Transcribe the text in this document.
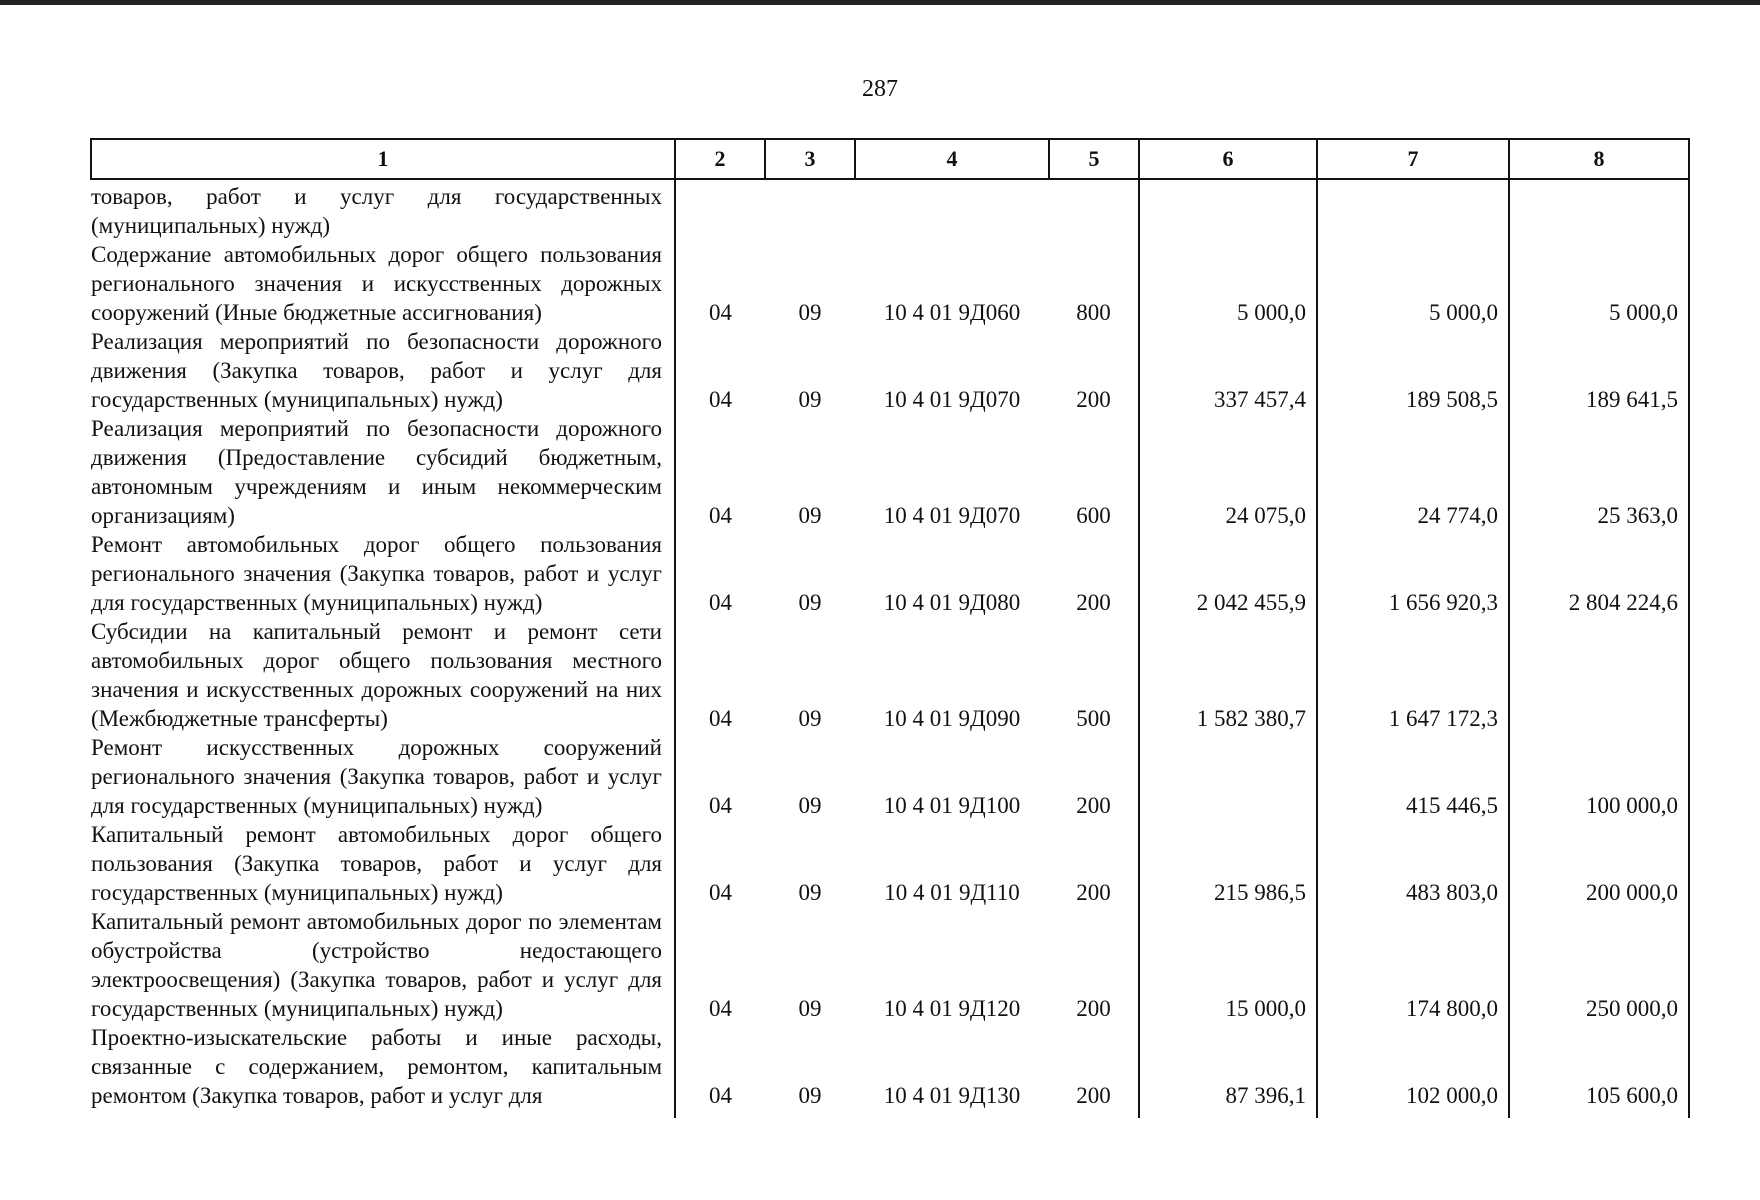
287
1	2	3	4	5	6	7	8
товаров, работ и услуг для государственных (муниципальных) нужд)							
Содержание автомобильных дорог общего пользования регионального значения и искусственных дорожных сооружений (Иные бюджетные ассигнования)	04	09	10 4 01 9Д060	800	5 000,0	5 000,0	5 000,0
Реализация мероприятий по безопасности дорожного движения (Закупка товаров, работ и услуг для государственных (муниципальных) нужд)	04	09	10 4 01 9Д070	200	337 457,4	189 508,5	189 641,5
Реализация мероприятий по безопасности дорожного движения (Предоставление субсидий бюджетным, автономным учреждениям и иным некоммерческим организациям)	04	09	10 4 01 9Д070	600	24 075,0	24 774,0	25 363,0
Ремонт автомобильных дорог общего пользования регионального значения (Закупка товаров, работ и услуг для государственных (муниципальных) нужд)	04	09	10 4 01 9Д080	200	2 042 455,9	1 656 920,3	2 804 224,6
Субсидии на капитальный ремонт и ремонт сети автомобильных дорог общего пользования местного значения и искусственных дорожных сооружений на них (Межбюджетные трансферты)	04	09	10 4 01 9Д090	500	1 582 380,7	1 647 172,3	
Ремонт искусственных дорожных сооружений регионального значения (Закупка товаров, работ и услуг для государственных (муниципальных) нужд)	04	09	10 4 01 9Д100	200		415 446,5	100 000,0
Капитальный ремонт автомобильных дорог общего пользования (Закупка товаров, работ и услуг для государственных (муниципальных) нужд)	04	09	10 4 01 9Д110	200	215 986,5	483 803,0	200 000,0
Капитальный ремонт автомобильных дорог по элементам обустройства (устройство недостающего электроосвещения) (Закупка товаров, работ и услуг для государственных (муниципальных) нужд)	04	09	10 4 01 9Д120	200	15 000,0	174 800,0	250 000,0
Проектно-изыскательские работы и иные расходы, связанные с содержанием, ремонтом, капитальным ремонтом (Закупка товаров, работ и услуг для	04	09	10 4 01 9Д130	200	87 396,1	102 000,0	105 600,0
